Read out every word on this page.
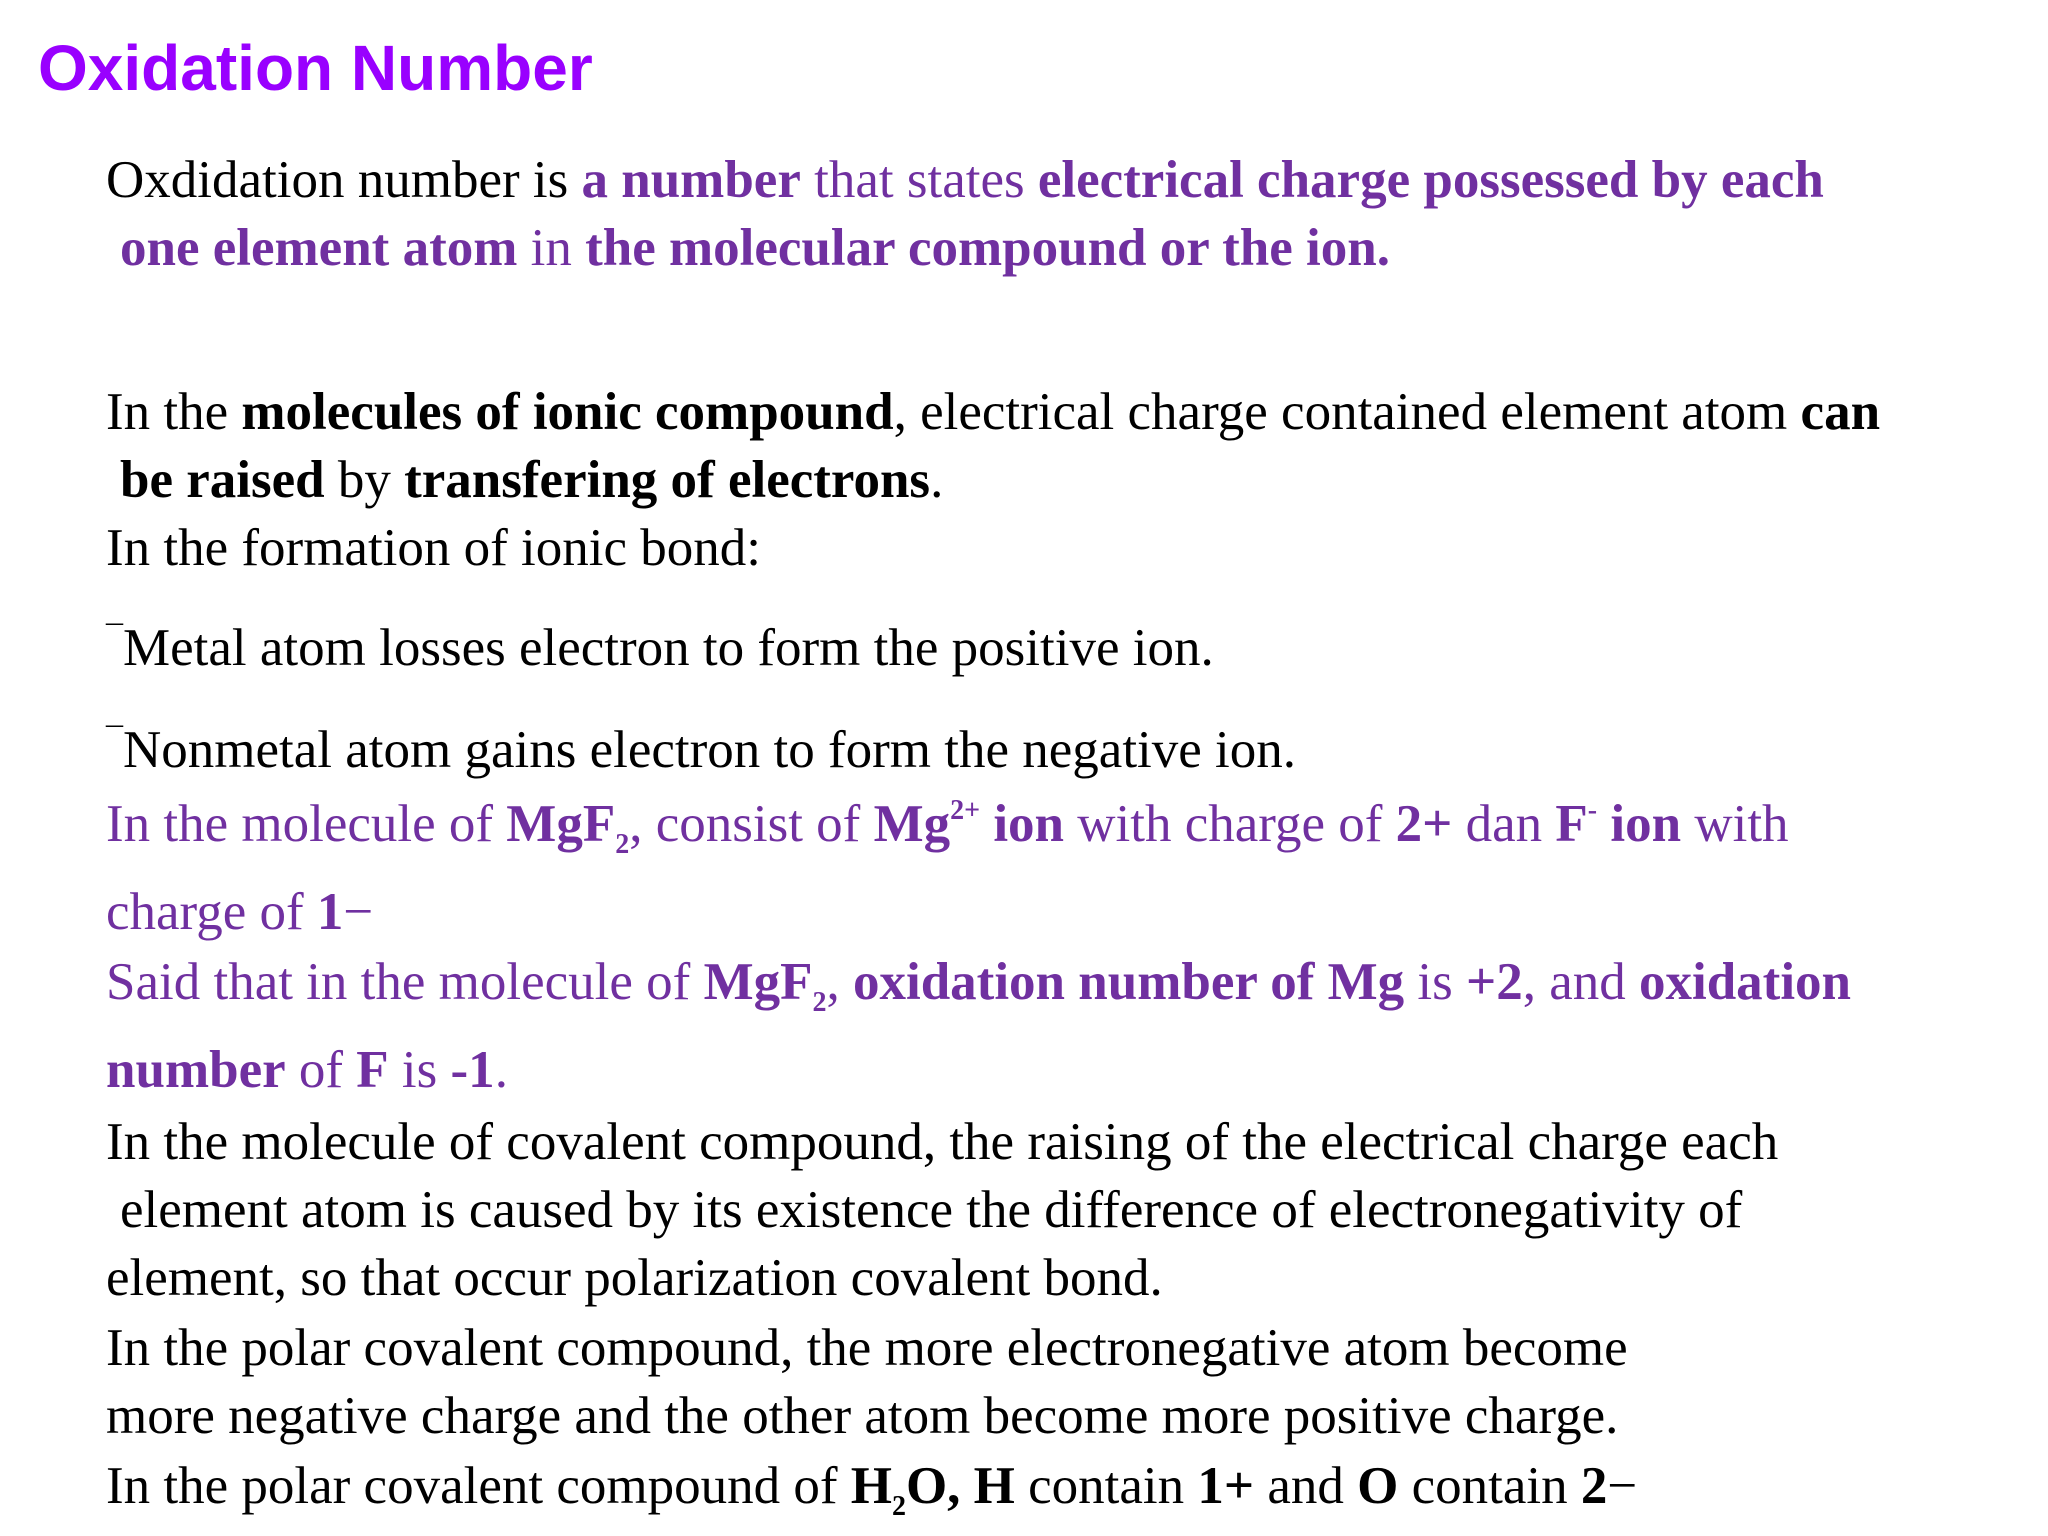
Oxidation Number
Oxdidation number is a number that states electrical charge possessed by each
one element atom in the molecular compound or the ion.
In the molecules of ionic compound, electrical charge contained element atom can
be raised by transfering of electrons.
In the formation of ionic bond:
¯Metal atom losses electron to form the positive ion.
¯Nonmetal atom gains electron to form the negative ion.
In the molecule of MgF$_2$, consist of $Mg^{2+}$ ion with charge of 2+ dan F- ion with
charge of 1−
Said that in the molecule of MgF$_2$, oxidation number of Mg is +2, and oxidation
number of F is -1.
In the molecule of covalent compound, the raising of the electrical charge each
element atom is caused by its existence the difference of electronegativity of
element, so that occur polarization covalent bond.
In the polar covalent compound, the more electronegative atom become
more negative charge and the other atom become more positive charge.
In the polar covalent compound of $H_2O$, H contain 1+ and O contain 2−
